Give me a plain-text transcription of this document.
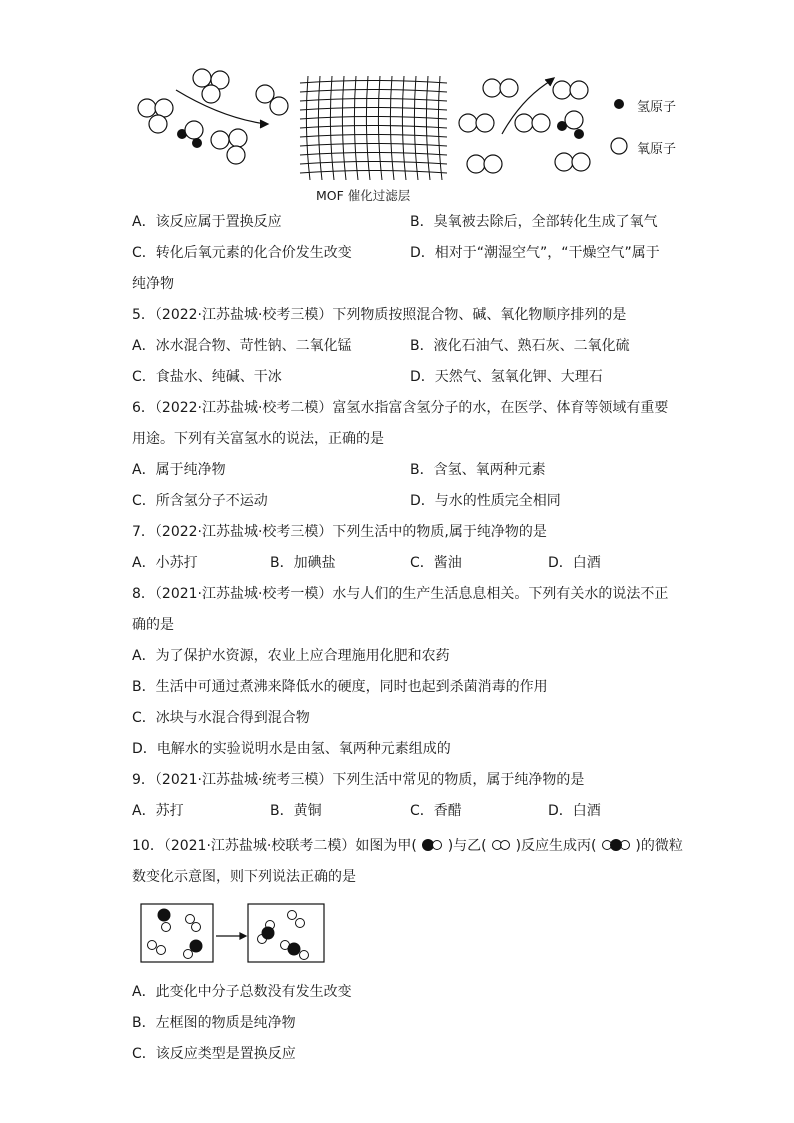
氢原子
氧原子
MOF 催化过滤层
A．该反应属于置换反应	B．臭氧被去除后，全部转化生成了氧气
C．转化后氧元素的化合价发生改变	D．相对于“潮湿空气”，“干燥空气”属于
纯净物
5．（2022·江苏盐城·校考三模）下列物质按照混合物、碱、氧化物顺序排列的是
A．冰水混合物、苛性钠、二氧化锰	B．液化石油气、熟石灰、二氧化硫
C．食盐水、纯碱、干冰	D．天然气、氢氧化钾、大理石
6．（2022·江苏盐城·校考二模）富氢水指富含氢分子的水，在医学、体育等领域有重要
用途。下列有关富氢水的说法，正确的是
A．属于纯净物	B．含氢、氧两种元素
C．所含氢分子不运动	D．与水的性质完全相同
7．（2022·江苏盐城·校考三模）下列生活中的物质,属于纯净物的是
A．小苏打	B．加碘盐	C．酱油	D．白酒
8．（2021·江苏盐城·校考一模）水与人们的生产生活息息相关。下列有关水的说法不正
确的是
A．为了保护水资源，农业上应合理施用化肥和农药
B．生活中可通过煮沸来降低水的硬度，同时也起到杀菌消毒的作用
C．冰块与水混合得到混合物
D．电解水的实验说明水是由氢、氧两种元素组成的
9．（2021·江苏盐城·统考三模）下列生活中常见的物质，属于纯净物的是
A．苏打	B．黄铜	C．香醋	D．白酒
10．（2021·江苏盐城·校联考二模）如图为甲( )与乙( )反应生成丙(	)的微粒
数变化示意图，则下列说法正确的是
A．此变化中分子总数没有发生改变
B．左框图的物质是纯净物
C．该反应类型是置换反应
